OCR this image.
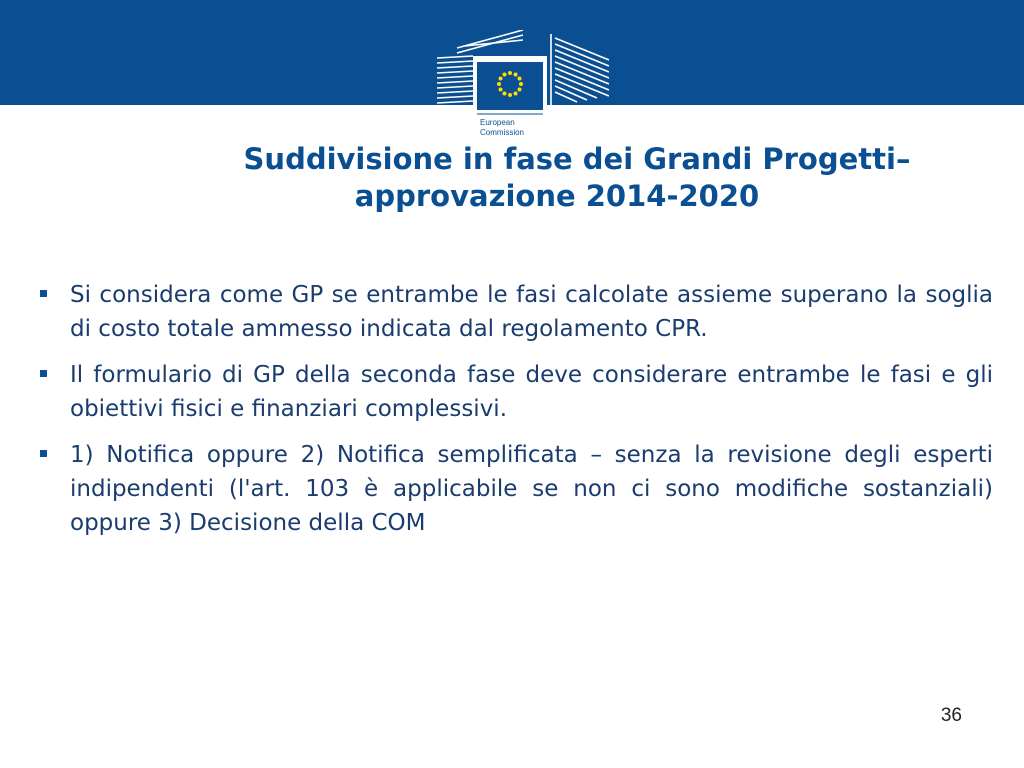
European
Commission
Suddivisione in fase dei Grandi Progetti–
approvazione 2014-2020
Si considera come GP se entrambe le fasi calcolate assieme superano la soglia di costo totale ammesso indicata dal regolamento CPR.
Il formulario di GP della seconda fase deve considerare entrambe le fasi e gli obiettivi fisici e finanziari complessivi.
1) Notifica oppure 2) Notifica semplificata – senza la revisione degli esperti indipendenti (l'art. 103 è applicabile se non ci sono modifiche sostanziali) oppure 3) Decisione della COM
36
